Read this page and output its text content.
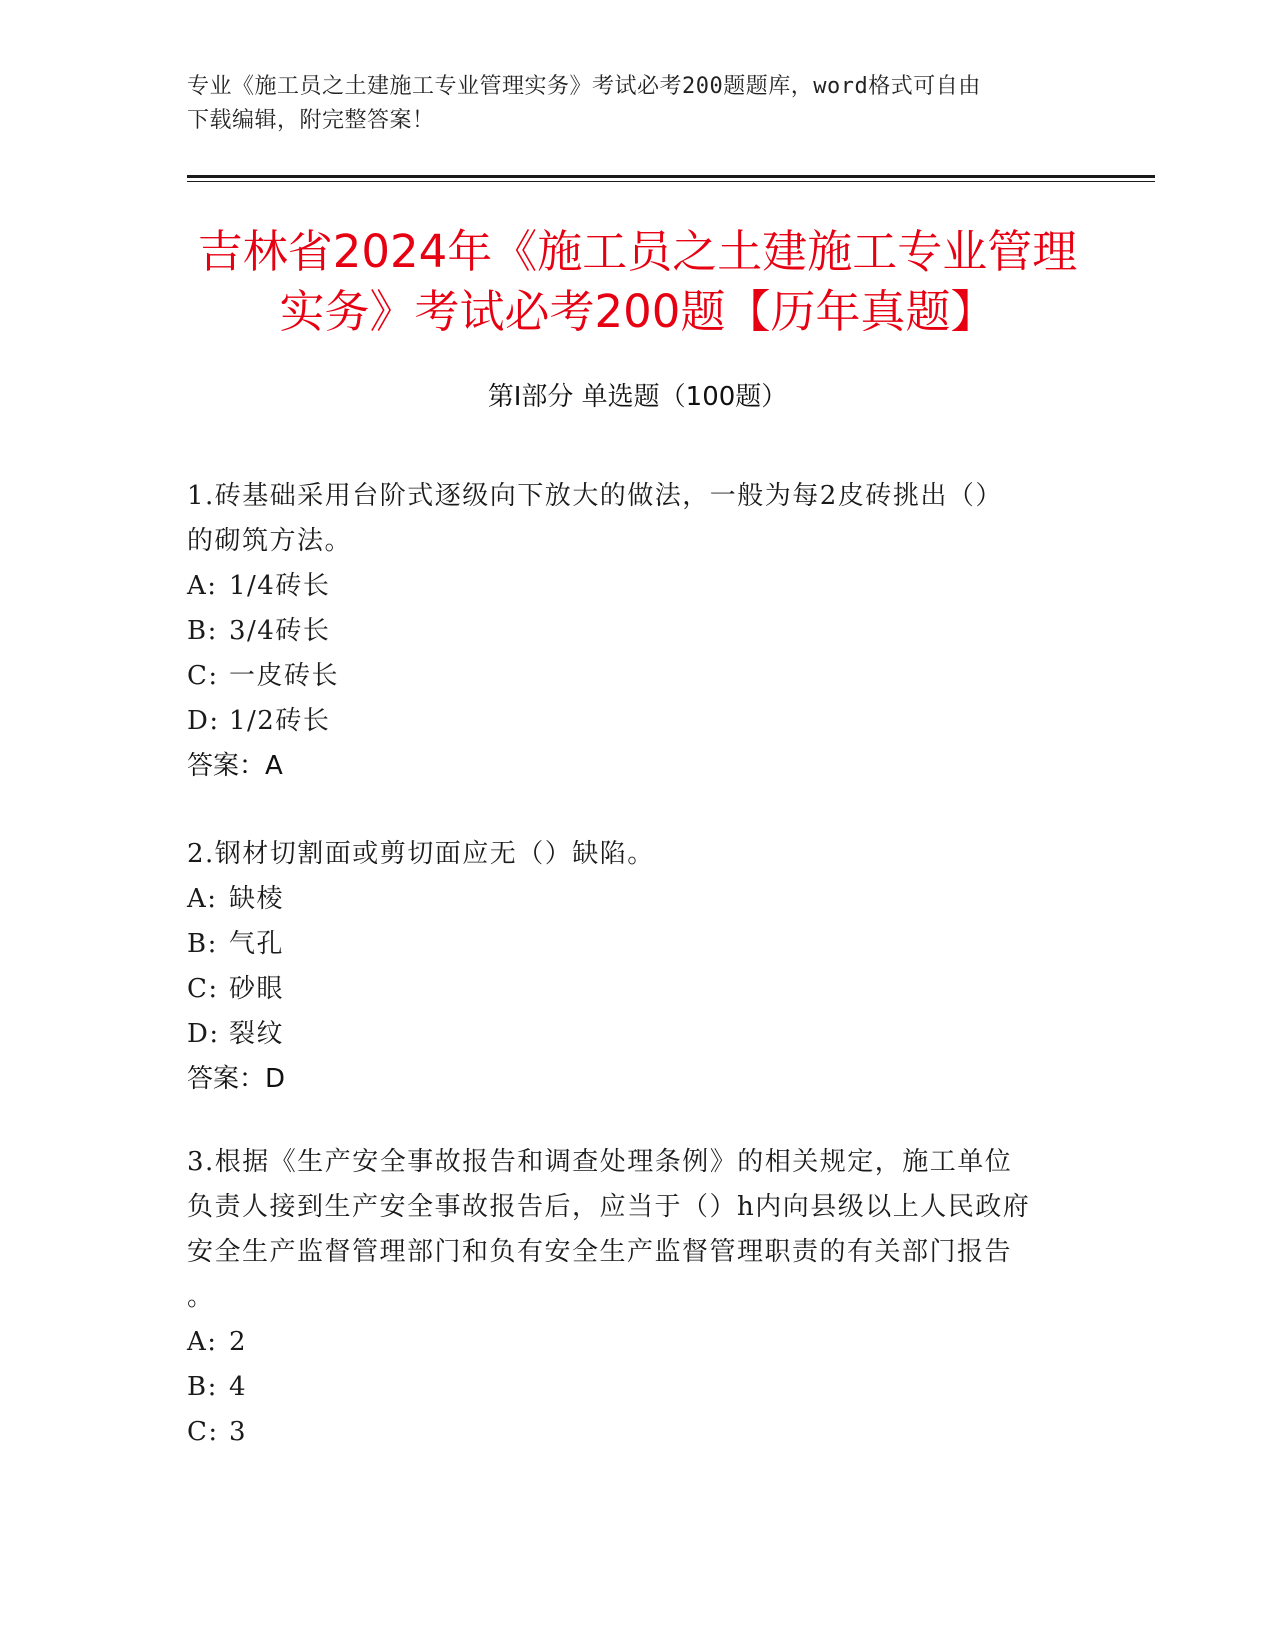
专业《施工员之土建施工专业管理实务》考试必考200题题库，word格式可自由
下载编辑，附完整答案！
吉林省2024年《施工员之土建施工专业管理
实务》考试必考200题【历年真题】
第Ⅰ部分 单选题（100题）
1.砖基础采用台阶式逐级向下放大的做法，一般为每2皮砖挑出（）
的砌筑方法。
A: 1/4砖长
B: 3/4砖长
C: 一皮砖长
D: 1/2砖长
答案：A
2.钢材切割面或剪切面应无（）缺陷。
A: 缺棱
B: 气孔
C: 砂眼
D: 裂纹
答案：D
3.根据《生产安全事故报告和调查处理条例》的相关规定，施工单位
负责人接到生产安全事故报告后，应当于（）h内向县级以上人民政府
安全生产监督管理部门和负有安全生产监督管理职责的有关部门报告
。
A: 2
B: 4
C: 3
